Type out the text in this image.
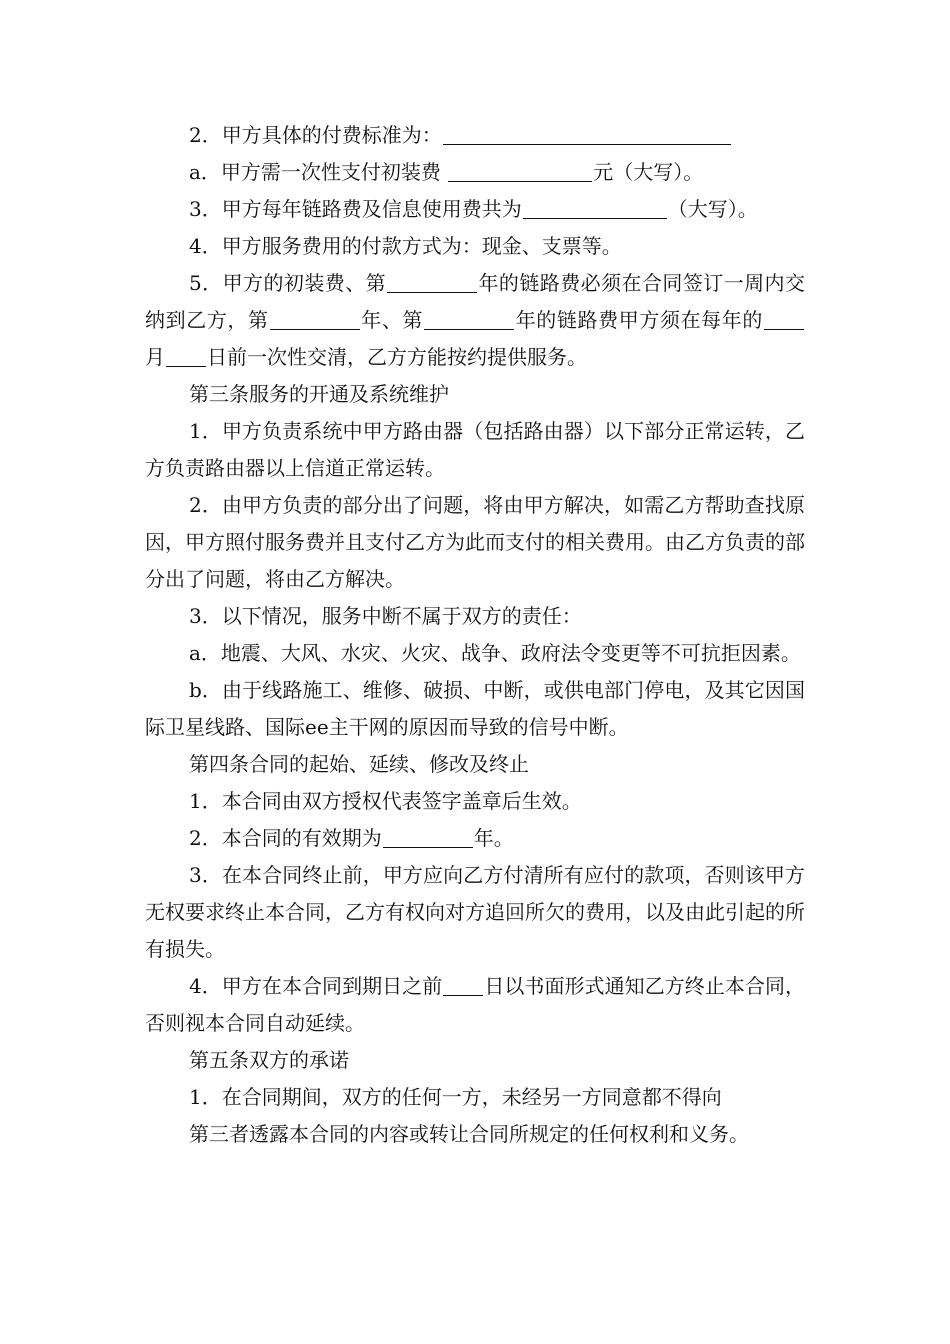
2．甲方具体的付费标准为：

a．甲方需一次性支付初装费	元（大写）。

3．甲方每年链路费及信息使用费共为	（大写）。

4．甲方服务费用的付款方式为：现金、支票等。

5．甲方的初装费、第	年的链路费必须在合同签订一周内交纳到乙方，第	年、第	年的链路费甲方须在每年的月 日前一次性交清，乙方方能按约提供服务。

第三条服务的开通及系统维护

1．甲方负责系统中甲方路由器（包括路由器）以下部分正常运转，乙方负责路由器以上信道正常运转。

2．由甲方负责的部分出了问题，将由甲方解决，如需乙方帮助查找原因，甲方照付服务费并且支付乙方为此而支付的相关费用。由乙方负责的部分出了问题，将由乙方解决。

3．以下情况，服务中断不属于双方的责任：

a．地震、大风、水灾、火灾、战争、政府法令变更等不可抗拒因素。

b．由于线路施工、维修、破损、中断，或供电部门停电，及其它因国际卫星线路、国际ee主干网的原因而导致的信号中断。

第四条合同的起始、延续、修改及终止

1．本合同由双方授权代表签字盖章后生效。

2．本合同的有效期为	年。

3．在本合同终止前，甲方应向乙方付清所有应付的款项，否则该甲方无权要求终止本合同，乙方有权向对方追回所欠的费用，以及由此引起的所有损失。

4．甲方在本合同到期日之前 日以书面形式通知乙方终止本合同，否则视本合同自动延续。

第五条双方的承诺

1．在合同期间，双方的任何一方，未经另一方同意都不得向

第三者透露本合同的内容或转让合同所规定的任何权利和义务。
